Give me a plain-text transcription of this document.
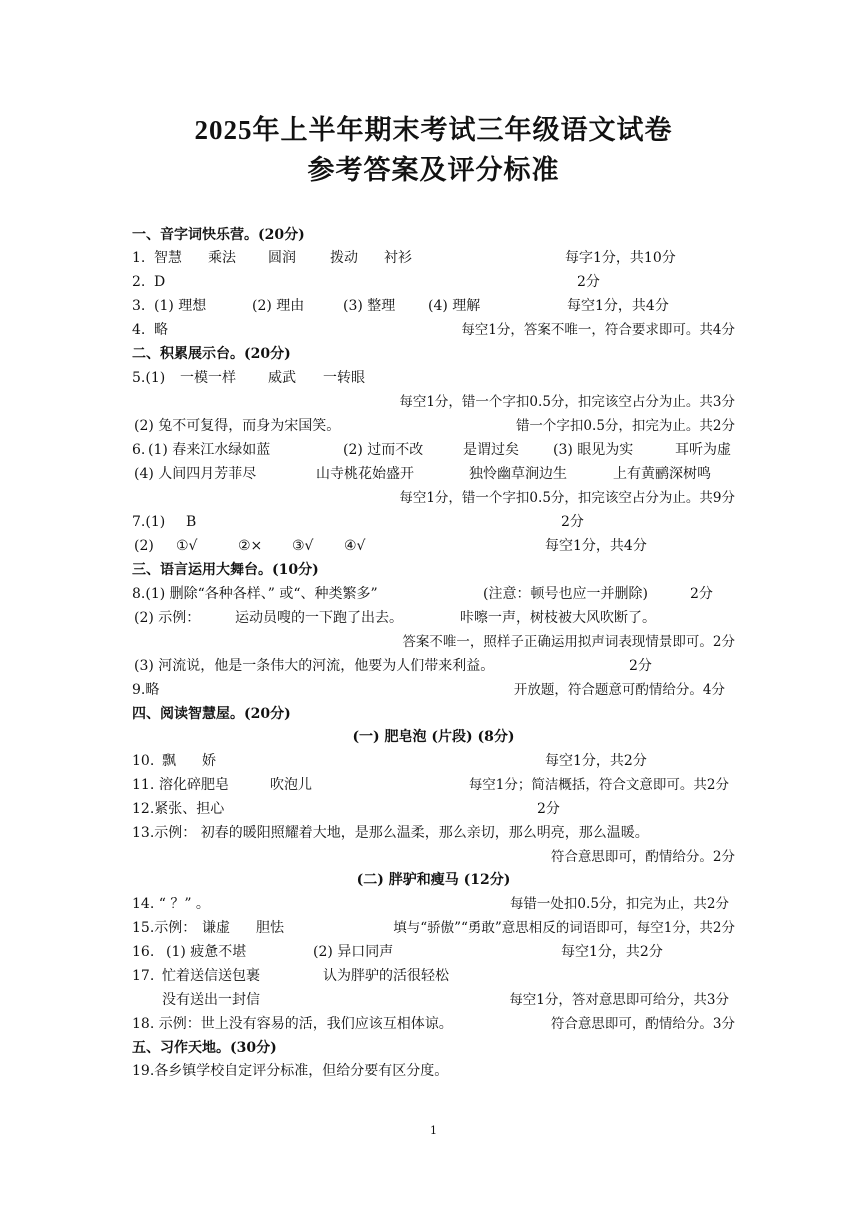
2025年上半年期末考试三年级语文试卷
参考答案及评分标准
一、音字词快乐营。(20分)
1. 智慧 乘法 圆润 拨动 衬衫	每字1分，共10分
2. D	2分
3. (1) 理想	(2) 理由	(3) 整理 (4) 理解	每空1分，共4分
4. 略	每空1分，答案不唯一，符合要求即可。共4分
二、积累展示台。(20分)
5.(1) 一模一样 威武 一转眼
每空1分，错一个字扣0.5分，扣完该空占分为止。共3分
(2) 兔不可复得，而身为宋国笑。	错一个字扣0.5分，扣完为止。共2分
6. (1) 春来江水绿如蓝	(2) 过而不改	是谓过矣 (3) 眼见为实	耳听为虚
(4) 人间四月芳菲尽	山寺桃花始盛开	独怜幽草涧边生	上有黄鹂深树鸣
每空1分，错一个字扣0.5分，扣完该空占分为止。共9分
7.(1) B	2分
(2) ①√	②× ③√ ④√	每空1分，共4分
三、语言运用大舞台。(10分)
8.(1) 删除“各种各样、” 或“、种类繁多”	(注意：顿号也应一并删除)	2分
(2) 示例： 运动员嗖的一下跑了出去。	咔嚓一声，树枝被大风吹断了。
答案不唯一，照样子正确运用拟声词表现情景即可。2分
(3) 河流说，他是一条伟大的河流，他要为人们带来利益。	2分
9.略	开放题，符合题意可酌情给分。4分
四、阅读智慧屋。(20分)
(一) 肥皂泡 (片段) (8分)
10. 飘 娇	每空1分，共2分
11. 溶化碎肥皂	吹泡儿	每空1分；简洁概括，符合文意即可。共2分
12.紧张、担心	2分
13.示例： 初春的暖阳照耀着大地，是那么温柔，那么亲切，那么明亮，那么温暖。
符合意思即可，酌情给分。2分
(二) 胖驴和瘦马 (12分)
14. “ ？” 。	每错一处扣0.5分，扣完为止，共2分
15.示例： 谦虚 胆怯	填与“骄傲”“勇敢”意思相反的词语即可，每空1分，共2分
16. (1) 疲惫不堪	(2) 异口同声	每空1分，共2分
17. 忙着送信送包裹	认为胖驴的活很轻松
没有送出一封信	每空1分，答对意思即可给分，共3分
18. 示例：世上没有容易的活，我们应该互相体谅。	符合意思即可，酌情给分。3分
五、习作天地。(30分)
19.各乡镇学校自定评分标准，但给分要有区分度。
1
